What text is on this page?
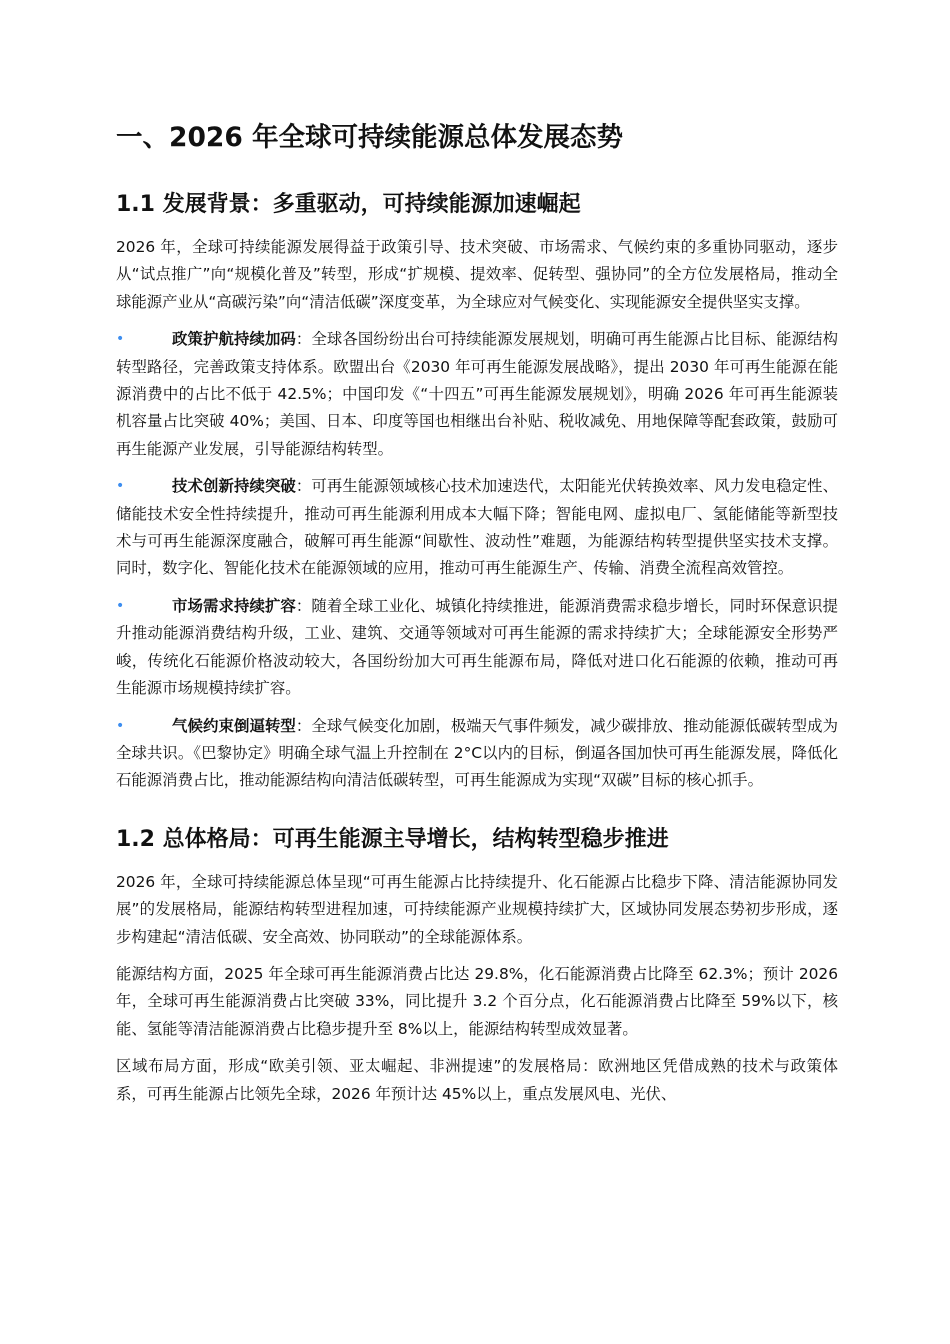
一、2026 年全球可持续能源总体发展态势
1.1 发展背景：多重驱动，可持续能源加速崛起

2026 年，全球可持续能源发展得益于政策引导、技术突破、市场需求、气候约束的多重协同驱动，逐步从“试点推广”向“规模化普及”转型，形成“扩规模、提效率、促转型、强协同”的全方位发展格局，推动全球能源产业从“高碳污染”向“清洁低碳”深度变革，为全球应对气候变化、实现能源安全提供坚实支撑。

•	政策护航持续加码：全球各国纷纷出台可持续能源发展规划，明确可再生能源占比目标、能源结构转型路径，完善政策支持体系。欧盟出台《2030 年可再生能源发展战略》，提出 2030 年可再生能源在能源消费中的占比不低于 42.5%；中国印发《“十四五”可再生能源发展规划》，明确 2026 年可再生能源装机容量占比突破 40%；美国、日本、印度等国也相继出台补贴、税收减免、用地保障等配套政策，鼓励可再生能源产业发展，引导能源结构转型。
•	技术创新持续突破：可再生能源领域核心技术加速迭代，太阳能光伏转换效率、风力发电稳定性、储能技术安全性持续提升，推动可再生能源利用成本大幅下降；智能电网、虚拟电厂、氢能储能等新型技术与可再生能源深度融合，破解可再生能源“间歇性、波动性”难题，为能源结构转型提供坚实技术支撑。同时，数字化、智能化技术在能源领域的应用，推动可再生能源生产、传输、消费全流程高效管控。
•	市场需求持续扩容：随着全球工业化、城镇化持续推进，能源消费需求稳步增长，同时环保意识提升推动能源消费结构升级，工业、建筑、交通等领域对可再生能源的需求持续扩大；全球能源安全形势严峻，传统化石能源价格波动较大，各国纷纷加大可再生能源布局，降低对进口化石能源的依赖，推动可再生能源市场规模持续扩容。
•	气候约束倒逼转型：全球气候变化加剧，极端天气事件频发，减少碳排放、推动能源低碳转型成为全球共识。《巴黎协定》明确全球气温上升控制在 2°C以内的目标，倒逼各国加快可再生能源发展，降低化石能源消费占比，推动能源结构向清洁低碳转型，可再生能源成为实现“双碳”目标的核心抓手。
1.2 总体格局：可再生能源主导增长，结构转型稳步推进

2026 年，全球可持续能源总体呈现“可再生能源占比持续提升、化石能源占比稳步下降、清洁能源协同发展”的发展格局，能源结构转型进程加速，可持续能源产业规模持续扩大，区域协同发展态势初步形成，逐步构建起“清洁低碳、安全高效、协同联动”的全球能源体系。

能源结构方面，2025 年全球可再生能源消费占比达 29.8%，化石能源消费占比降至 62.3%；预计 2026 年，全球可再生能源消费占比突破 33%，同比提升 3.2 个百分点，化石能源消费占比降至 59%以下，核能、氢能等清洁能源消费占比稳步提升至 8%以上，能源结构转型成效显著。

区域布局方面，形成“欧美引领、亚太崛起、非洲提速”的发展格局：欧洲地区凭借成熟的技术与政策体系，可再生能源占比领先全球，2026 年预计达 45%以上，重点发展风电、光伏、
